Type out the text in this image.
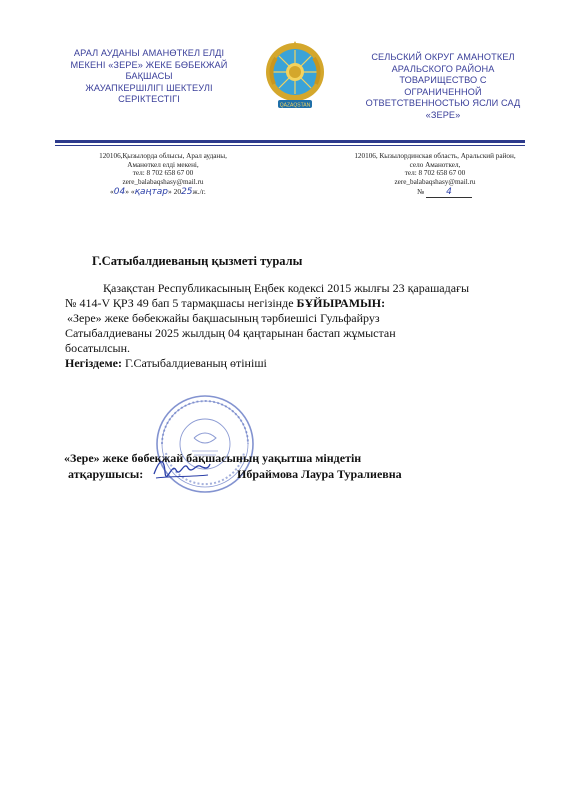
АРАЛ АУДАНЫ АМАНӨТКЕЛ ЕЛДІ
МЕКЕНІ «ЗЕРЕ» ЖЕКЕ БӨБЕКЖАЙ
БАҚШАСЫ
ЖАУАПКЕРШІЛІГІ ШЕКТЕУЛІ
СЕРІКТЕСТІГІ
QAZAQSTAN
СЕЛЬСКИЙ ОКРУГ АМАНОТКЕЛ
АРАЛЬСКОГО РАЙОНА
ТОВАРИЩЕСТВО С
ОГРАНИЧЕННОЙ
ОТВЕТСТВЕННОСТЬЮ ЯСЛИ САД
«ЗЕРЕ»
120106,Қызылорда облысы, Арал ауданы,
Аманөткел елді мекені,
тел: 8 702 658 67 00
zere_balabaqshasy@mail.ru
120106, Кызылординская область, Аральский район,
село Аманоткел,
тел: 8 702 658 67 00
zere_balabaqshasy@mail.ru
«04» «қаңтар» 2025ж./г.	№ 4
Г.Сатыбалдиеваның қызметі туралы
Қазақстан Республикасының Еңбек кодексі 2015 жылғы 23 қарашадағы
№ 414-V ҚРЗ 49 бап 5 тармақшасы негізінде БҰЙЫРАМЫН:
«Зере» жеке бөбекжайы бақшасының тәрбиешісі Гульфайруз
Сатыбалдиеваны 2025 жылдың 04 қаңтарынан бастап жұмыстан
босатылсын.
Негіздеме: Г.Сатыбалдиеваның өтініші
«Зере» жеке бөбекжай бақшасының уақытша міндетін
атқарушысы:	Ибраймова Лаура Туралиевна
